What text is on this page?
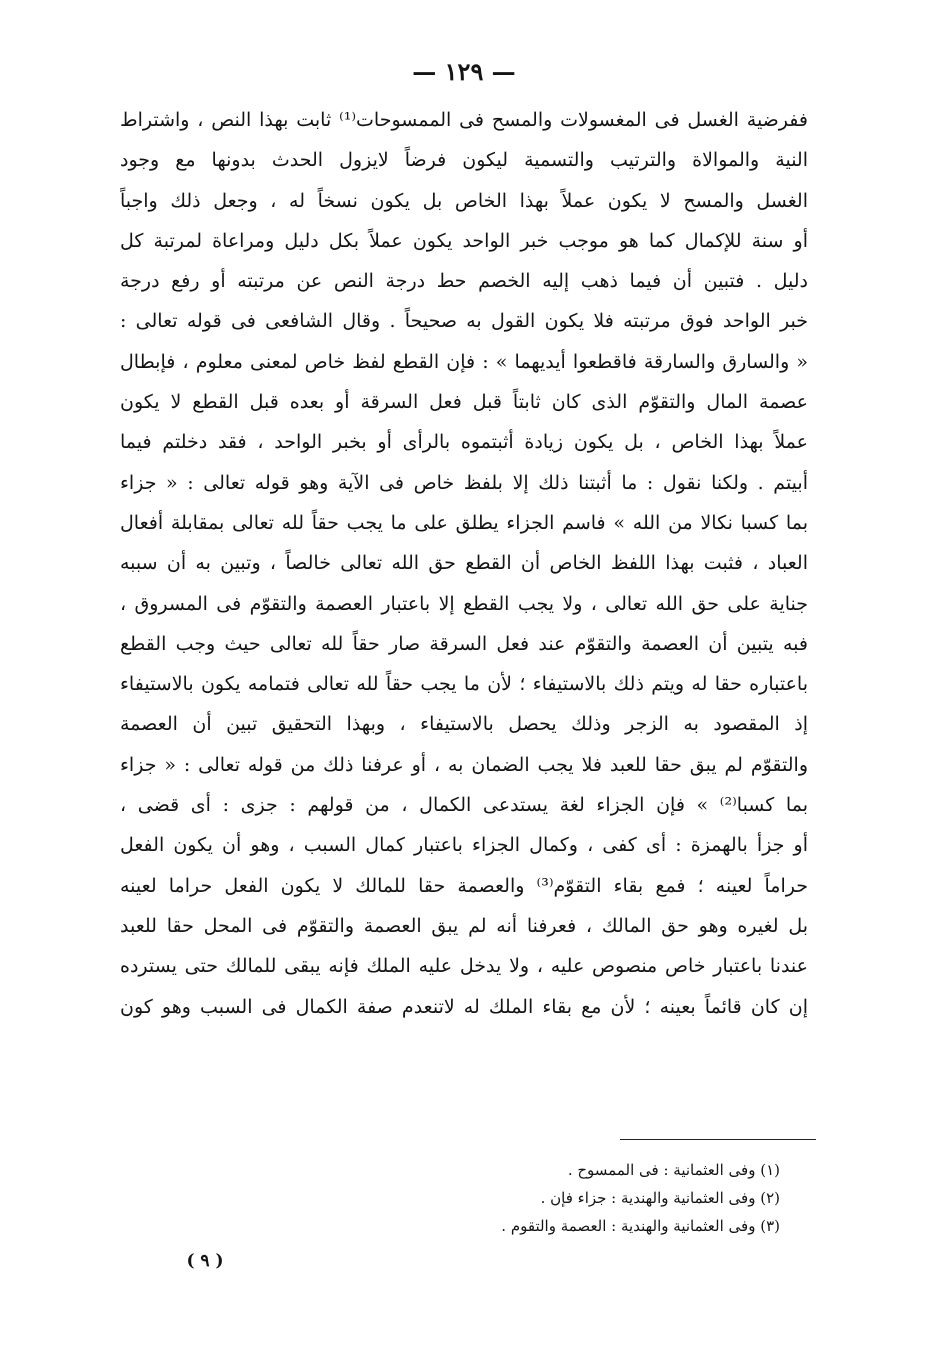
— ١٢٩ —
ففرضية الغسل فى المغسولات والمسح فى الممسوحات⁽¹⁾ ثابت بهذا النص ، واشتراط
النية والموالاة والترتيب والتسمية ليكون فرضاً لايزول الحدث بدونها مع وجود
الغسل والمسح لا يكون عملاً بهذا الخاص بل يكون نسخاً له ، وجعل ذلك واجباً
أو سنة للإكمال كما هو موجب خبر الواحد يكون عملاً بكل دليل ومراعاة لمرتبة كل
دليل . فتبين أن فيما ذهب إليه الخصم حط درجة النص عن مرتبته أو رفع درجة
خبر الواحد فوق مرتبته فلا يكون القول به صحيحاً . وقال الشافعى فى قوله تعالى :
« والسارق والسارقة فاقطعوا أيديهما » : فإن القطع لفظ خاص لمعنى معلوم ، فإبطال
عصمة المال والتقوّم الذى كان ثابتاً قبل فعل السرقة أو بعده قبل القطع لا يكون
عملاً بهذا الخاص ، بل يكون زيادة أثبتموه بالرأى أو بخبر الواحد ، فقد دخلتم فيما
أبيتم . ولكنا نقول : ما أثبتنا ذلك إلا بلفظ خاص فى الآية وهو قوله تعالى : « جزاء
بما كسبا نكالا من الله » فاسم الجزاء يطلق على ما يجب حقاً لله تعالى بمقابلة أفعال
العباد ، فثبت بهذا اللفظ الخاص أن القطع حق الله تعالى خالصاً ، وتبين به أن سببه
جناية على حق الله تعالى ، ولا يجب القطع إلا باعتبار العصمة والتقوّم فى المسروق ،
فبه يتبين أن العصمة والتقوّم عند فعل السرقة صار حقاً لله تعالى حيث وجب القطع
باعتباره حقا له ويتم ذلك بالاستيفاء ؛ لأن ما يجب حقاً لله تعالى فتمامه يكون بالاستيفاء
إذ المقصود به الزجر وذلك يحصل بالاستيفاء ، وبهذا التحقيق تبين أن العصمة
والتقوّم لم يبق حقا للعبد فلا يجب الضمان به ، أو عرفنا ذلك من قوله تعالى : « جزاء
بما كسبا⁽²⁾ » فإن الجزاء لغة يستدعى الكمال ، من قولهم : جزى : أى قضى ،
أو جزأ بالهمزة : أى كفى ، وكمال الجزاء باعتبار كمال السبب ، وهو أن يكون الفعل
حراماً لعينه ؛ فمع بقاء التقوّم⁽³⁾ والعصمة حقا للمالك لا يكون الفعل حراما لعينه
بل لغيره وهو حق المالك ، فعرفنا أنه لم يبق العصمة والتقوّم فى المحل حقا للعبد
عندنا باعتبار خاص منصوص عليه ، ولا يدخل عليه الملك فإنه يبقى للمالك حتى يسترده
إن كان قائماً بعينه ؛ لأن مع بقاء الملك له لاتنعدم صفة الكمال فى السبب وهو كون
(١) وفى العثمانية : فى الممسوح .
(٢) وفى العثمانية والهندية : جزاء فإن .
(٣) وفى العثمانية والهندية : العصمة والتقوم .
( ٩ )
